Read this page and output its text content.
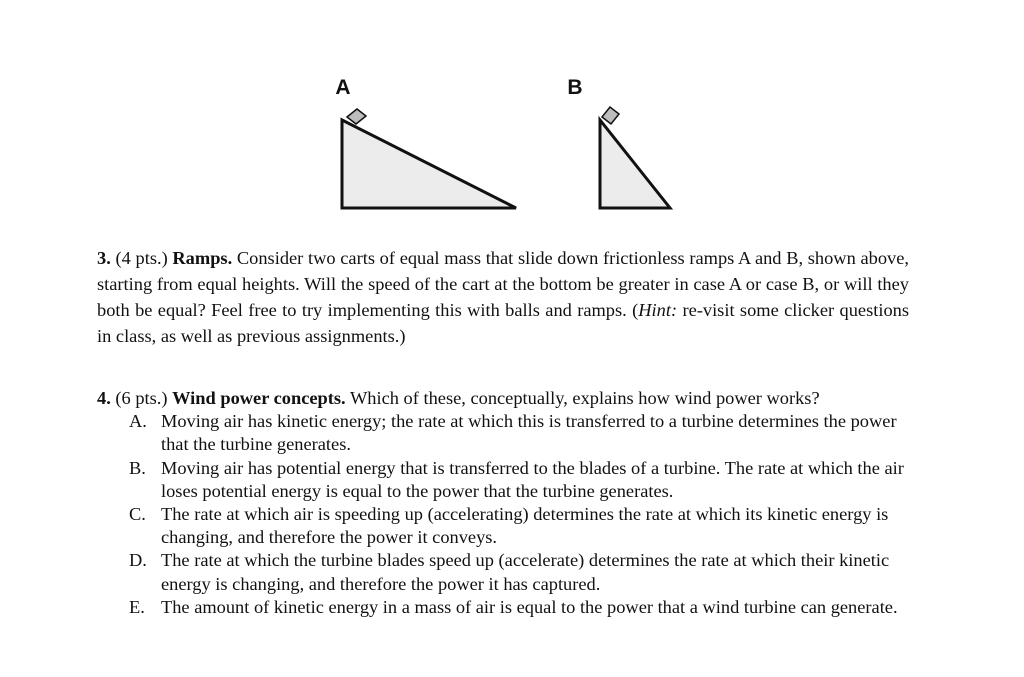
A	B
3. (4 pts.) Ramps. Consider two carts of equal mass that slide down frictionless ramps A and B, shown above, starting from equal heights. Will the speed of the cart at the bottom be greater in case A or case B, or will they both be equal? Feel free to try implementing this with balls and ramps. (Hint: re-visit some clicker questions in class, as well as previous assignments.)

4. (6 pts.) Wind power concepts. Which of these, conceptually, explains how wind power works?

A. Moving air has kinetic energy; the rate at which this is transferred to a turbine determines the power that the turbine generates.
B. Moving air has potential energy that is transferred to the blades of a turbine. The rate at which the air loses potential energy is equal to the power that the turbine generates.
C. The rate at which air is speeding up (accelerating) determines the rate at which its kinetic energy is changing, and therefore the power it conveys.
D. The rate at which the turbine blades speed up (accelerate) determines the rate at which their kinetic energy is changing, and therefore the power it has captured.
E. The amount of kinetic energy in a mass of air is equal to the power that a wind turbine can generate.
